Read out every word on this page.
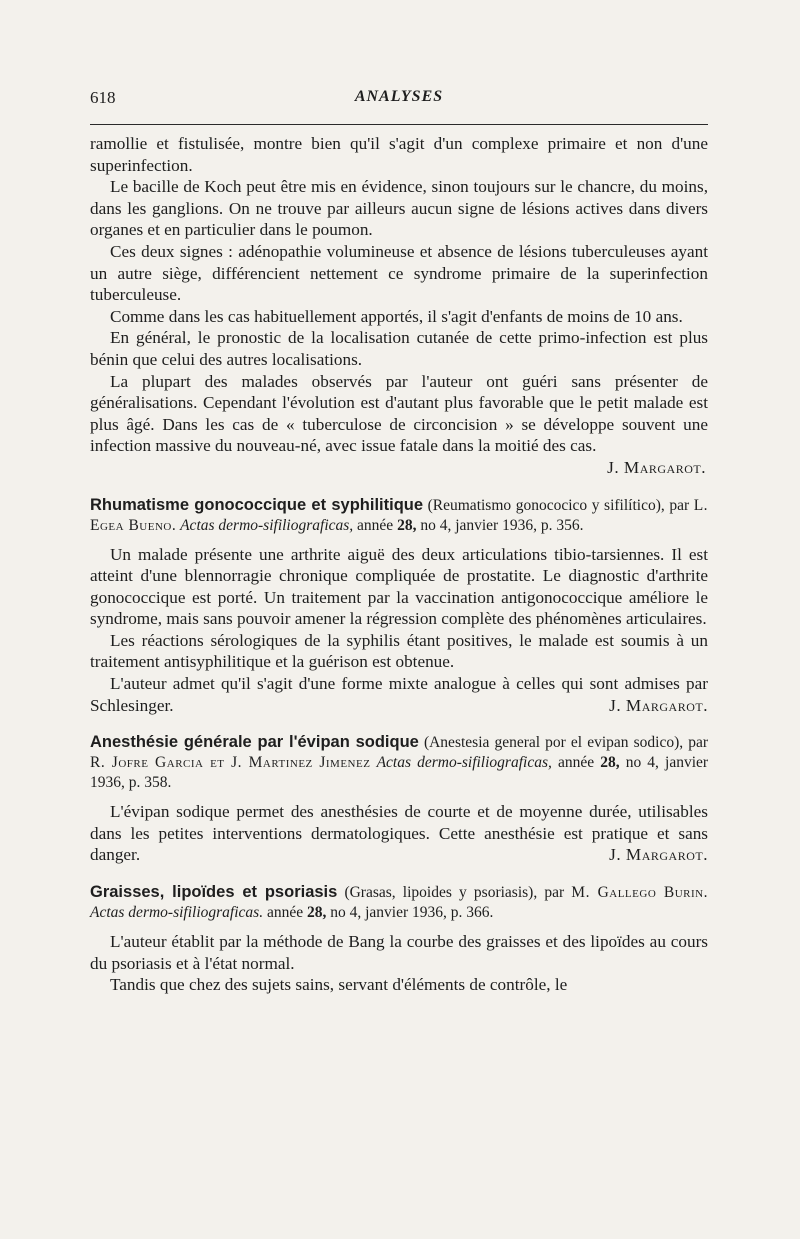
618	ANALYSES

ramollie et fistulisée, montre bien qu'il s'agit d'un complexe primaire et non d'une superinfection.

Le bacille de Koch peut être mis en évidence, sinon toujours sur le chancre, du moins, dans les ganglions. On ne trouve par ailleurs aucun signe de lésions actives dans divers organes et en particulier dans le poumon.

Ces deux signes : adénopathie volumineuse et absence de lésions tuberculeuses ayant un autre siège, différencient nettement ce syndrome primaire de la superinfection tuberculeuse.

Comme dans les cas habituellement apportés, il s'agit d'enfants de moins de 10 ans.

En général, le pronostic de la localisation cutanée de cette primo-infection est plus bénin que celui des autres localisations.

La plupart des malades observés par l'auteur ont guéri sans présenter de généralisations. Cependant l'évolution est d'autant plus favorable que le petit malade est plus âgé. Dans les cas de « tuberculose de circoncision » se développe souvent une infection massive du nouveau-né, avec issue fatale dans la moitié des cas.

J. Margarot.

Rhumatisme gonococcique et syphilitique (Reumatismo gonococico y sifilítico), par L. Egea Bueno. Actas dermo-sifiliograficas, année 28, no 4, janvier 1936, p. 356.

Un malade présente une arthrite aiguë des deux articulations tibio-tarsiennes. Il est atteint d'une blennorragie chronique compliquée de prostatite. Le diagnostic d'arthrite gonococcique est porté. Un traitement par la vaccination antigonococcique améliore le syndrome, mais sans pouvoir amener la régression complète des phénomènes articulaires.

Les réactions sérologiques de la syphilis étant positives, le malade est soumis à un traitement antisyphilitique et la guérison est obtenue.

L'auteur admet qu'il s'agit d'une forme mixte analogue à celles qui sont admises par Schlesinger.	J. Margarot.

Anesthésie générale par l'évipan sodique (Anestesia general por el evipan sodico), par R. Jofre Garcia et J. Martinez Jimenez Actas dermo-sifiliograficas, année 28, no 4, janvier 1936, p. 358.

L'évipan sodique permet des anesthésies de courte et de moyenne durée, utilisables dans les petites interventions dermatologiques. Cette anesthésie est pratique et sans danger.	J. Margarot.

Graisses, lipoïdes et psoriasis (Grasas, lipoides y psoriasis), par M. Gallego Burin. Actas dermo-sifiliograficas. année 28, no 4, janvier 1936, p. 366.

L'auteur établit par la méthode de Bang la courbe des graisses et des lipoïdes au cours du psoriasis et à l'état normal.

Tandis que chez des sujets sains, servant d'éléments de contrôle, le
